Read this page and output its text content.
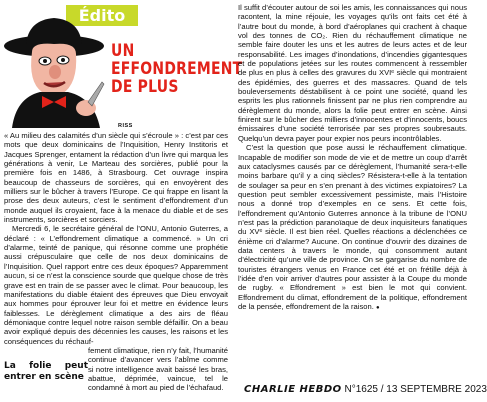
Édito
UN
EFFONDREMENT
DE PLUS
RISS

« Au milieu des calamités d’un siècle qui s’écroule » : c’est par ces mots que deux dominicains de l’Inquisition, Henry Institoris et Jacques Sprenger, entament la rédaction d’un livre qui marqua les générations à venir, Le Marteau des sorcières, publié pour la première fois en 1486, à Strasbourg. Cet ouvrage inspira beaucoup de chasseurs de sorcières, qui en envoyèrent des milliers sur le bûcher à travers l’Europe. Ce qui frappe en lisant la prose des deux auteurs, c’est le sentiment d’effondrement d’un monde auquel ils croyaient, face à la menace du diable et de ses instruments, sorcières et sorciers.

Mercredi 6, le secrétaire général de l’ONU, Antonio Guterres, a déclaré : « L’effondrement climatique a commencé. » Un cri d’alarme, teinté de panique, qui résonne comme une prophétie aussi crépusculaire que celle de nos deux dominicains de l’Inquisition. Quel rapport entre ces deux époques? Apparemment aucun, si ce n’est la conscience sourde que quelque chose de très grave est en train de se passer avec le climat. Pour beaucoup, les manifestations du diable étaient des épreuves que Dieu envoyait aux hommes pour éprouver leur foi et mettre en évidence leurs faiblesses. Le dérèglement climatique a des airs de fléau démoniaque contre lequel notre raison semble défaillir. On a beau avoir expliqué depuis des décennies les causes, les raisons et les conséquences du réchauf-

La folie peut entrer en scène

fement climatique, rien n’y fait, l’humanité continue d’avancer vers l’abîme comme si notre intelligence avait baissé les bras, abattue, déprimée, vaincue, tel le condamné à mort au pied de l’échafaud.

Il suffit d’écouter autour de soi les amis, les connaissances qui nous racontent, la mine réjouie, les voyages qu’ils ont faits cet été à l’autre bout du monde, à bord d’aéroplanes qui crachent à chaque vol des tonnes de CO₂. Rien du réchauffement climatique ne semble faire douter les uns et les autres de leurs actes et de leur responsabilité. Les images d’inondations, d’incendies gigantesques et de populations jetées sur les routes commencent à ressembler de plus en plus à celles des gravures du XVIᵉ siècle qui montraient des épidémies, des guerres et des massacres. Quand de tels bouleversements déstabilisent à ce point une société, quand les esprits les plus rationnels finissent par ne plus rien comprendre au dérèglement du monde, alors la folie peut entrer en scène. Ainsi finirent sur le bûcher des milliers d’innocentes et d’innocents, boucs émissaires d’une société terrorisée par ses propres soubresauts. Quelqu’un devra payer pour expier nos peurs incontrôlables.

C’est la question que pose aussi le réchauffement climatique. Incapable de modifier son mode de vie et de mettre un coup d’arrêt aux cataclysmes causés par ce dérèglement, l’humanité sera-t-elle moins barbare qu’il y a cinq siècles? Résistera-t-elle à la tentation de soulager sa peur en s’en prenant à des victimes expiatoires? La question peut sembler excessivement pessimiste, mais l’Histoire nous a donné trop d’exemples en ce sens. Et cette fois, l’effondrement qu’Antonio Guterres annonce à la tribune de l’ONU n’est pas la prédiction paranoïaque de deux inquisiteurs fanatiques du XVᵉ siècle. Il est bien réel. Quelles réactions a déclenchées ce énième cri d’alarme? Aucune. On continue d’ouvrir des dizaines de data centers à travers le monde, qui consomment autant d’électricité qu’une ville de province. On se gargarise du nombre de touristes étrangers venus en France cet été et on frétille déjà à l’idée d’en voir arriver d’autres pour assister à la Coupe du monde de rugby. « Effondrement » est bien le mot qui convient. Effondrement du climat, effondrement de la politique, effondrement de la pensée, effondrement de la raison. ●

CHARLIE HEBDO N°1625 / 13 SEPTEMBRE 2023
